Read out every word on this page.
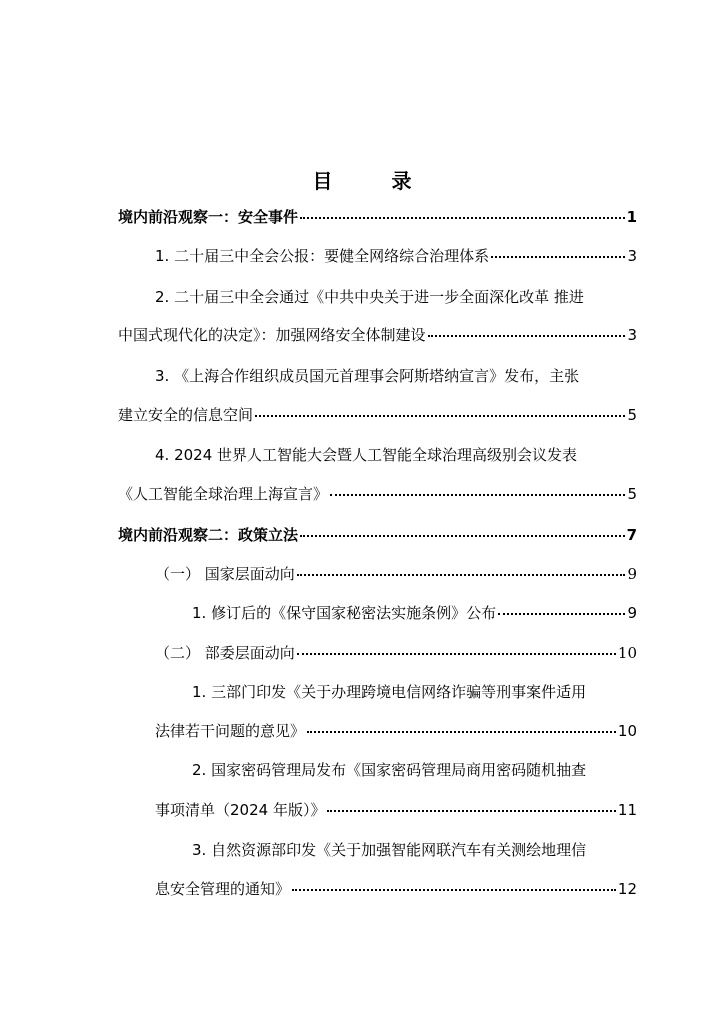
目 录
境内前沿观察一：安全事件	1
1. 二十届三中全会公报：要健全网络综合治理体系	3
2. 二十届三中全会通过《中共中央关于进一步全面深化改革 推进
中国式现代化的决定》：加强网络安全体制建设	3
3. 《上海合作组织成员国元首理事会阿斯塔纳宣言》发布，主张
建立安全的信息空间	5
4. 2024 世界人工智能大会暨人工智能全球治理高级别会议发表
《人工智能全球治理上海宣言》	5
境内前沿观察二：政策立法	7
（一） 国家层面动向	9
1. 修订后的《保守国家秘密法实施条例》公布	9
（二） 部委层面动向	10
1. 三部门印发《关于办理跨境电信网络诈骗等刑事案件适用
法律若干问题的意见》	10
2. 国家密码管理局发布《国家密码管理局商用密码随机抽查
事项清单（2024 年版）》	11
3. 自然资源部印发《关于加强智能网联汽车有关测绘地理信
息安全管理的通知》	12
